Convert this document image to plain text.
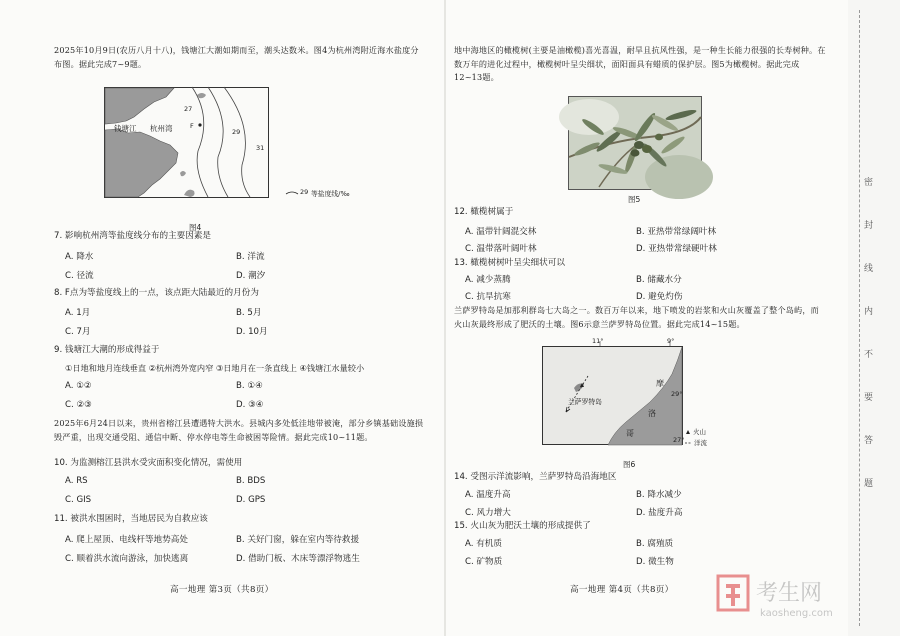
2025年10月9日(农历八月十八)，钱塘江大潮如期而至，潮头达数米。图4为杭州湾附近海水盐度分布图。据此完成7~9题。
钱塘江 杭州湾	F
27
29
31
29 等盐度线/‰
图4
7. 影响杭州湾等盐度线分布的主要因素是
A. 降水	B. 洋流
C. 径流	D. 潮汐
8. F点为等盐度线上的一点，该点距大陆最近的月份为
A. 1月	B. 5月
C. 7月	D. 10月
9. 钱塘江大潮的形成得益于
①日地和地月连线垂直 ②杭州湾外宽内窄 ③日地月在一条直线上 ④钱塘江水量较小
A. ①②	B. ①④
C. ②③	D. ③④
2025年6月24日以来，贵州省榕江县遭遇特大洪水。县城内多处低洼地带被淹，部分乡镇基础设施损毁严重，出现交通受阻、通信中断、停水停电等生命被困等险情。据此完成10~11题。
10. 为监测榕江县洪水受灾面积变化情况，需使用
A. RS	B. BDS
C. GIS	D. GPS
11. 被洪水围困时，当地居民为自救应该
A. 爬上屋顶、电线杆等地势高处	B. 关好门窗，躲在室内等待救援
C. 顺着洪水流向游泳，加快逃离	D. 借助门板、木床等漂浮物逃生
高一地理 第3页（共8页）
地中海地区的橄榄树(主要是油橄榄)喜光喜温，耐旱且抗风性强，是一种生长能力很强的长寿树种。在数万年的进化过程中，橄榄树叶呈尖细状，面阳面具有蜡质的保护层。图5为橄榄树。据此完成12~13题。
图5
12. 橄榄树属于
A. 温带针阔混交林	B. 亚热带常绿阔叶林
C. 温带落叶阔叶林	D. 亚热带常绿硬叶林
13. 橄榄树树叶呈尖细状可以
A. 减少蒸腾	B. 储藏水分
C. 抗旱抗寒	D. 避免灼伤
兰萨罗特岛是加那利群岛七大岛之一。数百万年以来，地下喷发的岩浆和火山灰覆盖了整个岛屿，而火山灰最终形成了肥沃的土壤。图6示意兰萨罗特岛位置。据此完成14~15题。
11°	9°
29°
27°
兰萨罗特岛
摩
洛
哥	火山
洋流
图6
14. 受图示洋流影响，兰萨罗特岛沿海地区
A. 温度升高	B. 降水减少
C. 风力增大	D. 盐度升高
15. 火山灰为肥沃土壤的形成提供了
A. 有机质	B. 腐殖质
C. 矿物质	D. 微生物
高一地理 第4页（共8页）
密
封
线
内
不
要
答
题
考生网
kaosheng.com
